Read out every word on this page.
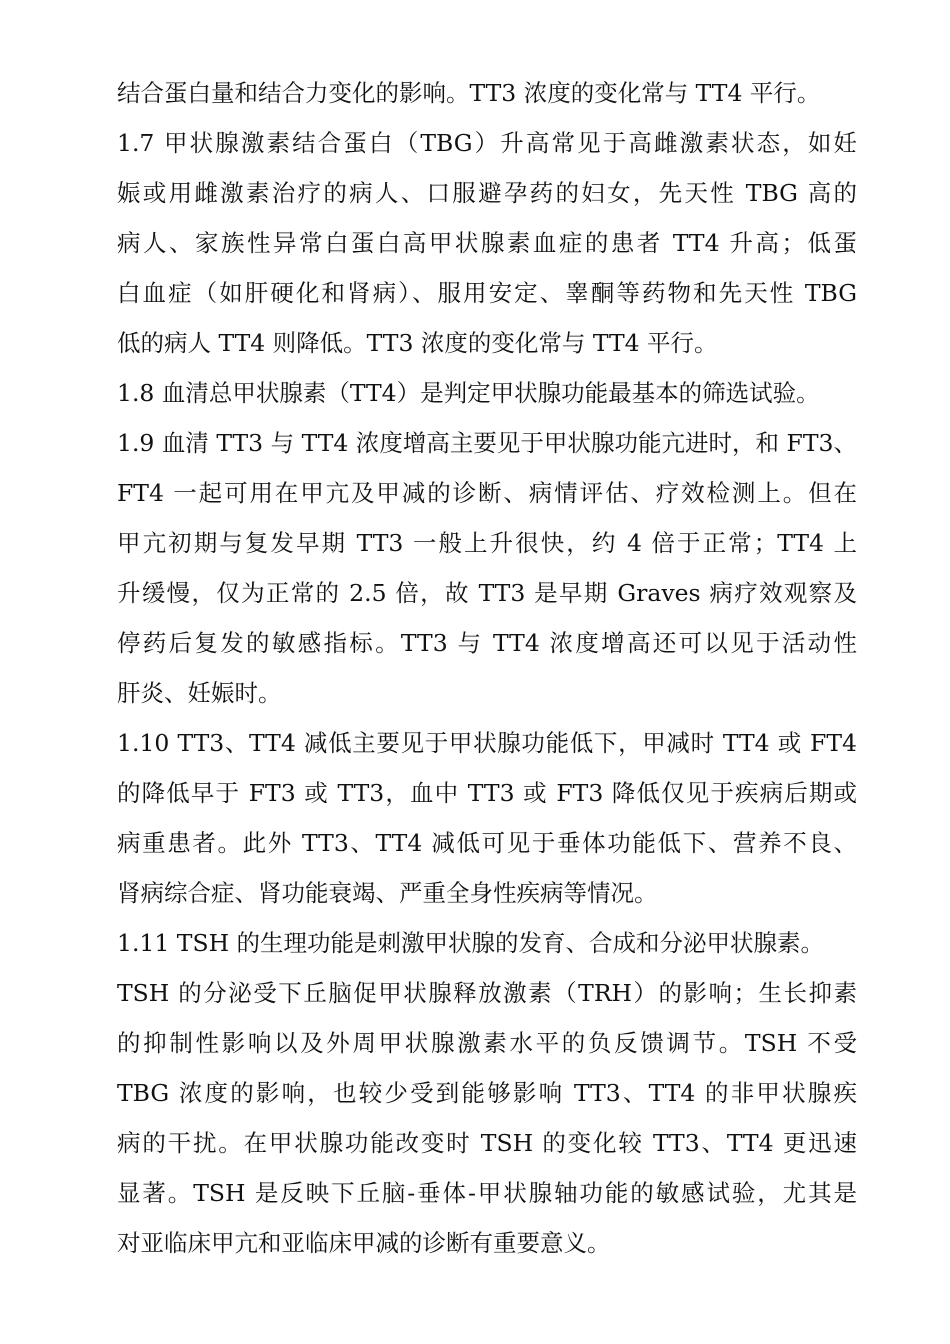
结合蛋白量和结合力变化的影响。TT3 浓度的变化常与 TT4 平行。
1.7 甲状腺激素结合蛋白（TBG）升高常见于高雌激素状态，如妊
娠或用雌激素治疗的病人、口服避孕药的妇女，先天性 TBG 高的
病人、家族性异常白蛋白高甲状腺素血症的患者 TT4 升高；低蛋
白血症（如肝硬化和肾病）、服用安定、睾酮等药物和先天性 TBG
低的病人 TT4 则降低。TT3 浓度的变化常与 TT4 平行。
1.8 血清总甲状腺素（TT4）是判定甲状腺功能最基本的筛选试验。
1.9 血清 TT3 与 TT4 浓度增高主要见于甲状腺功能亢进时，和 FT3、
FT4 一起可用在甲亢及甲减的诊断、病情评估、疗效检测上。但在
甲亢初期与复发早期 TT3 一般上升很快，约 4 倍于正常；TT4 上
升缓慢，仅为正常的 2.5 倍，故 TT3 是早期 Graves 病疗效观察及
停药后复发的敏感指标。TT3 与 TT4 浓度增高还可以见于活动性
肝炎、妊娠时。
1.10 TT3、TT4 减低主要见于甲状腺功能低下，甲减时 TT4 或 FT4
的降低早于 FT3 或 TT3，血中 TT3 或 FT3 降低仅见于疾病后期或
病重患者。此外 TT3、TT4 减低可见于垂体功能低下、营养不良、
肾病综合症、肾功能衰竭、严重全身性疾病等情况。
1.11 TSH 的生理功能是刺激甲状腺的发育、合成和分泌甲状腺素。
TSH 的分泌受下丘脑促甲状腺释放激素（TRH）的影响；生长抑素
的抑制性影响以及外周甲状腺激素水平的负反馈调节。TSH 不受
TBG 浓度的影响，也较少受到能够影响 TT3、TT4 的非甲状腺疾
病的干扰。在甲状腺功能改变时 TSH 的变化较 TT3、TT4 更迅速
显著。TSH 是反映下丘脑-垂体-甲状腺轴功能的敏感试验，尤其是
对亚临床甲亢和亚临床甲减的诊断有重要意义。
